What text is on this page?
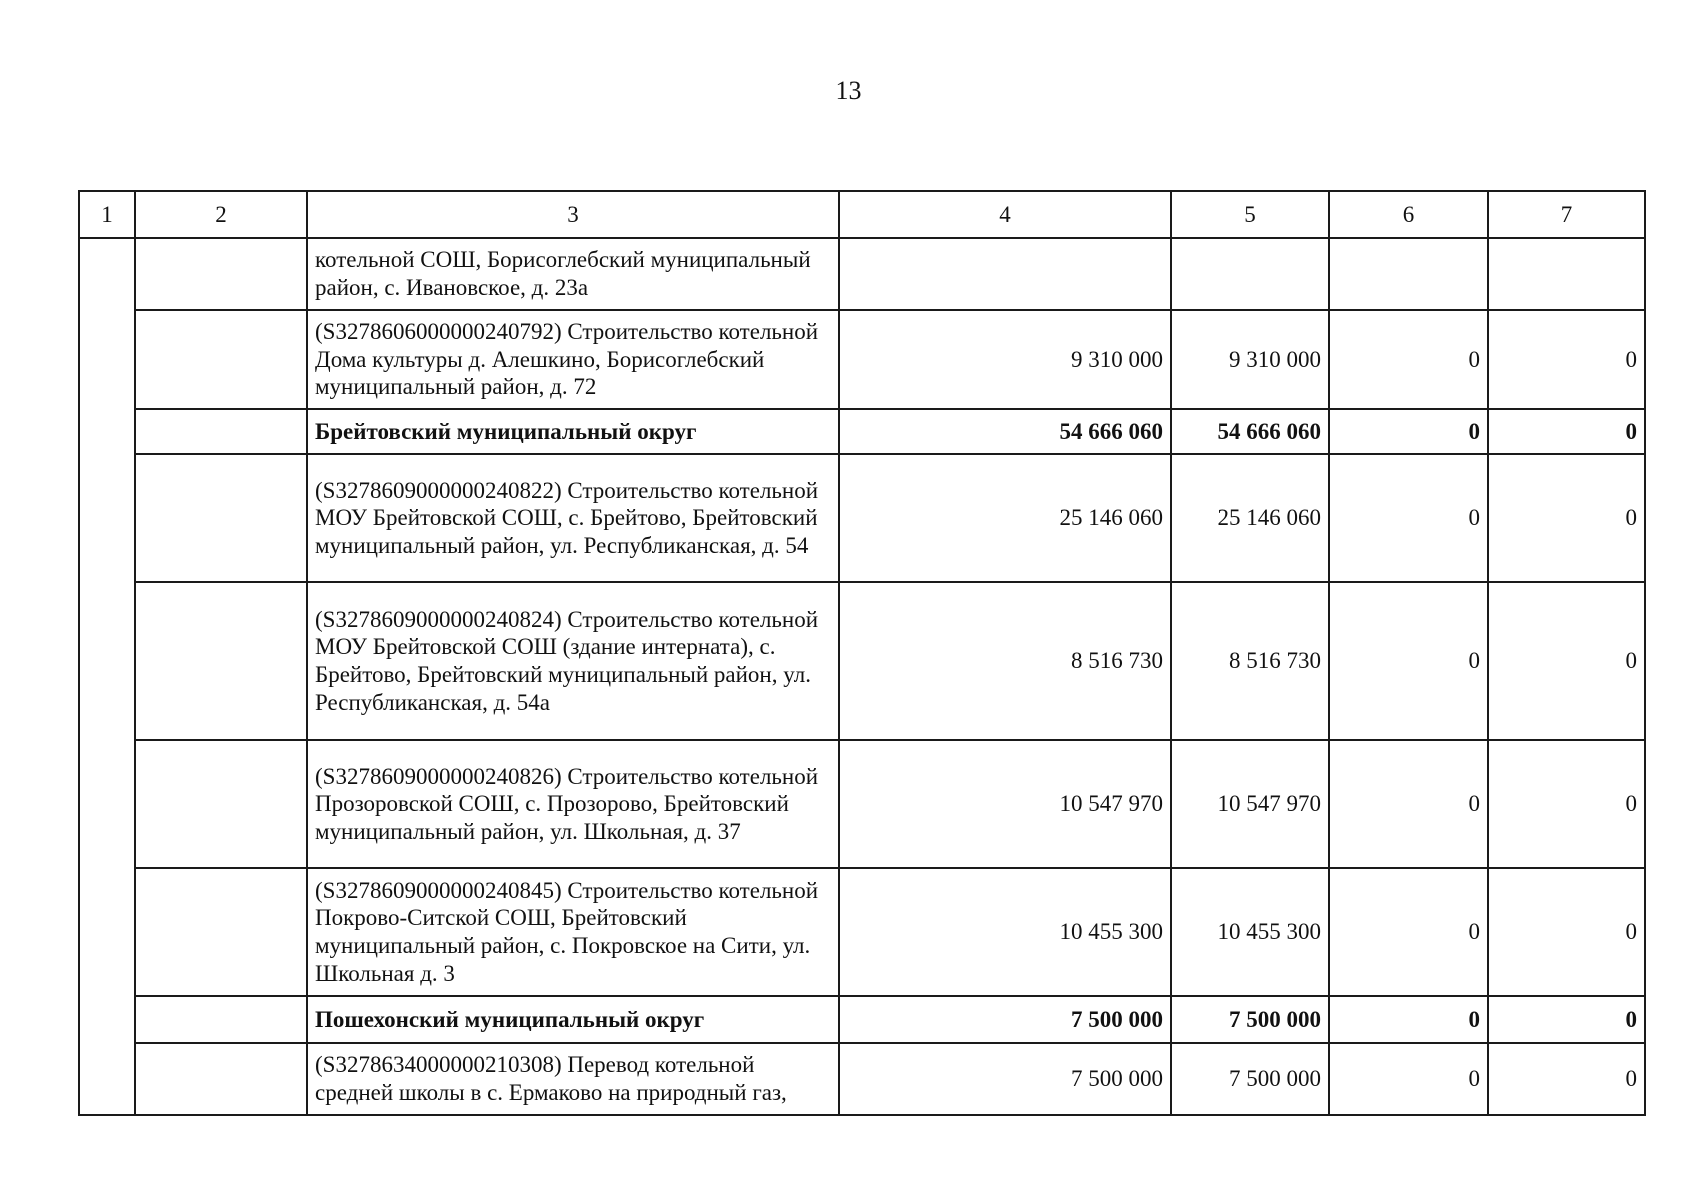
13
1	2	3	4	5	6	7
		котельной СОШ, Борисоглебский муниципальный район, с. Ивановское, д. 23а				
		(S3278606000000240792) Строительство котельной Дома культуры д. Алешкино, Борисоглебский муниципальный район, д. 72	9 310 000	9 310 000	0	0
		Брейтовский муниципальный округ	54 666 060	54 666 060	0	0
		(S3278609000000240822) Строительство котельной МОУ Брейтовской СОШ, с. Брейтово, Брейтовский муниципальный район, ул. Республиканская, д. 54	25 146 060	25 146 060	0	0
		(S3278609000000240824) Строительство котельной МОУ Брейтовской СОШ (здание интерната), с. Брейтово, Брейтовский муниципальный район, ул. Республиканская, д. 54а	8 516 730	8 516 730	0	0
		(S3278609000000240826) Строительство котельной Прозоровской СОШ, с. Прозорово, Брейтовский муниципальный район, ул. Школьная, д. 37	10 547 970	10 547 970	0	0
		(S3278609000000240845) Строительство котельной Покрово-Ситской СОШ, Брейтовский муниципальный район, с. Покровское на Сити, ул. Школьная д. 3	10 455 300	10 455 300	0	0
		Пошехонский муниципальный округ	7 500 000	7 500 000	0	0
		(S3278634000000210308) Перевод котельной средней школы в с. Ермаково на природный газ,	7 500 000	7 500 000	0	0
